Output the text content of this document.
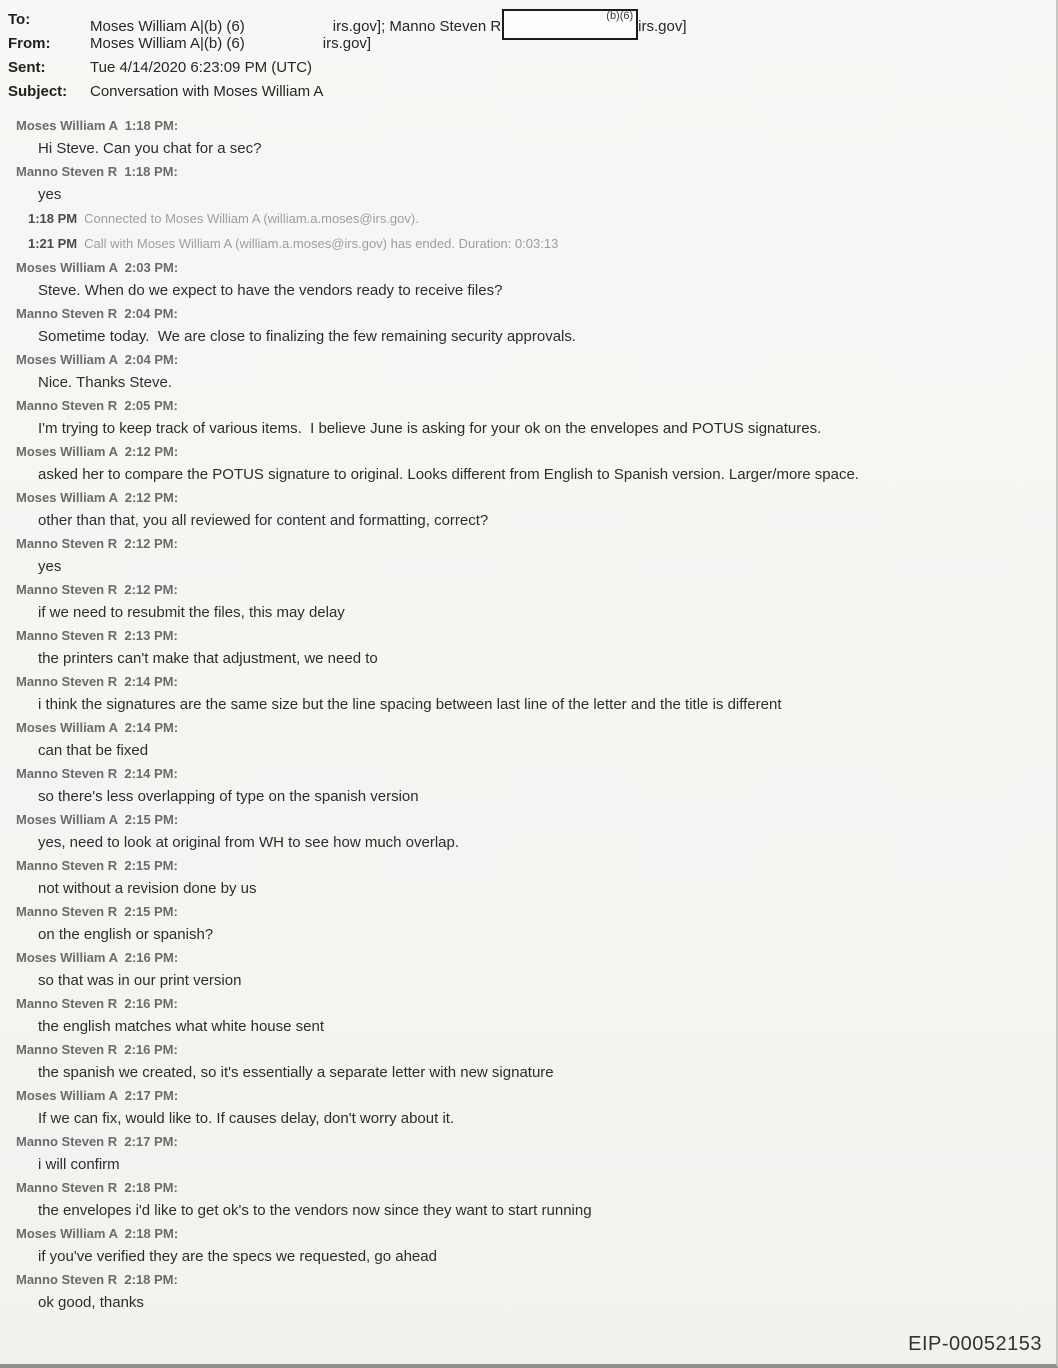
To:	Moses William A|(b) (6)	irs.gov]; Manno Steven R
(b)(6)
irs.gov]
From:	Moses William A|(b) (6)	irs.gov]
Sent:	Tue 4/14/2020 6:23:09 PM (UTC)
Subject:	Conversation with Moses William A
Moses William A  1:18 PM:
Hi Steve. Can you chat for a sec?
Manno Steven R  1:18 PM:
yes
1:18 PM Connected to Moses William A (william.a.moses@irs.gov).
1:21 PM Call with Moses William A (william.a.moses@irs.gov) has ended. Duration: 0:03:13
Moses William A  2:03 PM:
Steve. When do we expect to have the vendors ready to receive files?
Manno Steven R  2:04 PM:
Sometime today.  We are close to finalizing the few remaining security approvals.
Moses William A  2:04 PM:
Nice. Thanks Steve.
Manno Steven R  2:05 PM:
I'm trying to keep track of various items.  I believe June is asking for your ok on the envelopes and POTUS signatures.
Moses William A  2:12 PM:
asked her to compare the POTUS signature to original. Looks different from English to Spanish version. Larger/more space.
Moses William A  2:12 PM:
other than that, you all reviewed for content and formatting, correct?
Manno Steven R  2:12 PM:
yes
Manno Steven R  2:12 PM:
if we need to resubmit the files, this may delay
Manno Steven R  2:13 PM:
the printers can't make that adjustment, we need to
Manno Steven R  2:14 PM:
i think the signatures are the same size but the line spacing between last line of the letter and the title is different
Moses William A  2:14 PM:
can that be fixed
Manno Steven R  2:14 PM:
so there's less overlapping of type on the spanish version
Moses William A  2:15 PM:
yes, need to look at original from WH to see how much overlap.
Manno Steven R  2:15 PM:
not without a revision done by us
Manno Steven R  2:15 PM:
on the english or spanish?
Moses William A  2:16 PM:
so that was in our print version
Manno Steven R  2:16 PM:
the english matches what white house sent
Manno Steven R  2:16 PM:
the spanish we created, so it's essentially a separate letter with new signature
Moses William A  2:17 PM:
If we can fix, would like to. If causes delay, don't worry about it.
Manno Steven R  2:17 PM:
i will confirm
Manno Steven R  2:18 PM:
the envelopes i'd like to get ok's to the vendors now since they want to start running
Moses William A  2:18 PM:
if you've verified they are the specs we requested, go ahead
Manno Steven R  2:18 PM:
ok good, thanks
EIP-00052153
